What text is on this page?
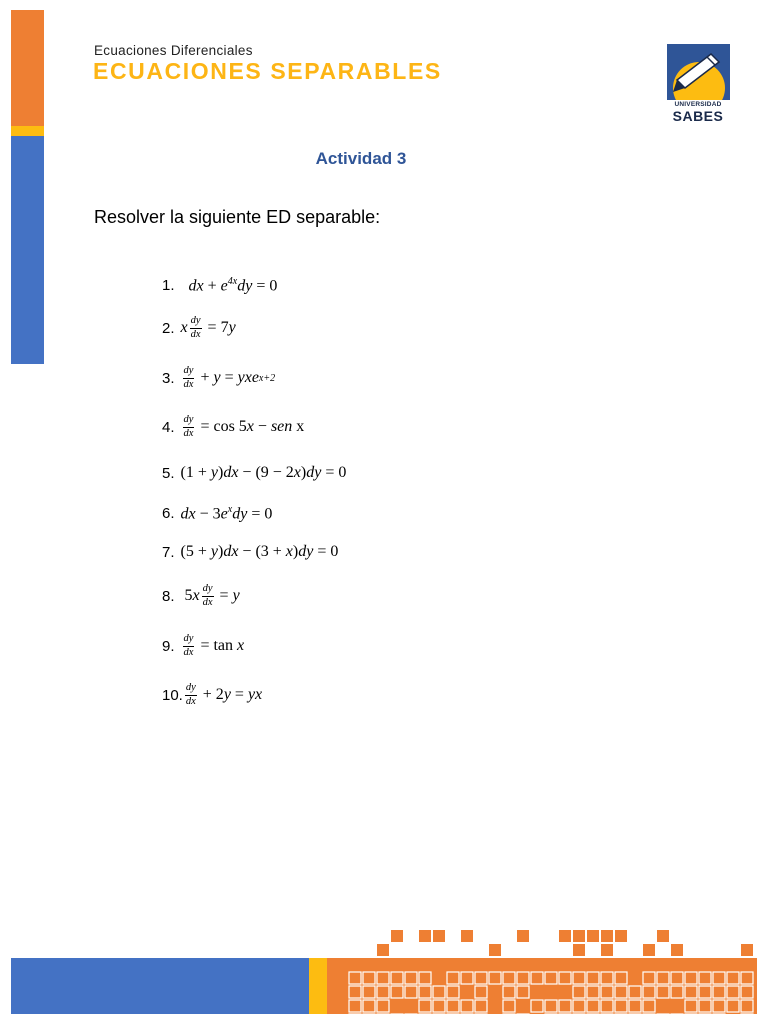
Ecuaciones Diferenciales
ECUACIONES SEPARABLES
UNIVERSIDAD
SABES
Actividad 3
Resolver la siguiente ED separable:
1. dx + $e^{4x}dy = 0$
2. x $\frac{dy}{dx} = 7$ y
3. $\frac{dy}{dx} + y$ = yxe x+2
4. $\frac{dy}{dx} = \cos 5$ x − sen x
5. (1 + y)dx − (9 − 2x)dy = 0
6. dx − $3e^xdy = 0$
7. (5 + y)dx − (3 + x)dy = 0
8. 5 x $\frac{dy}{dx} = y$
9. $\frac{dy}{dx} = \tan x$
10. $\frac{dy}{dx} + 2$ y = yx
